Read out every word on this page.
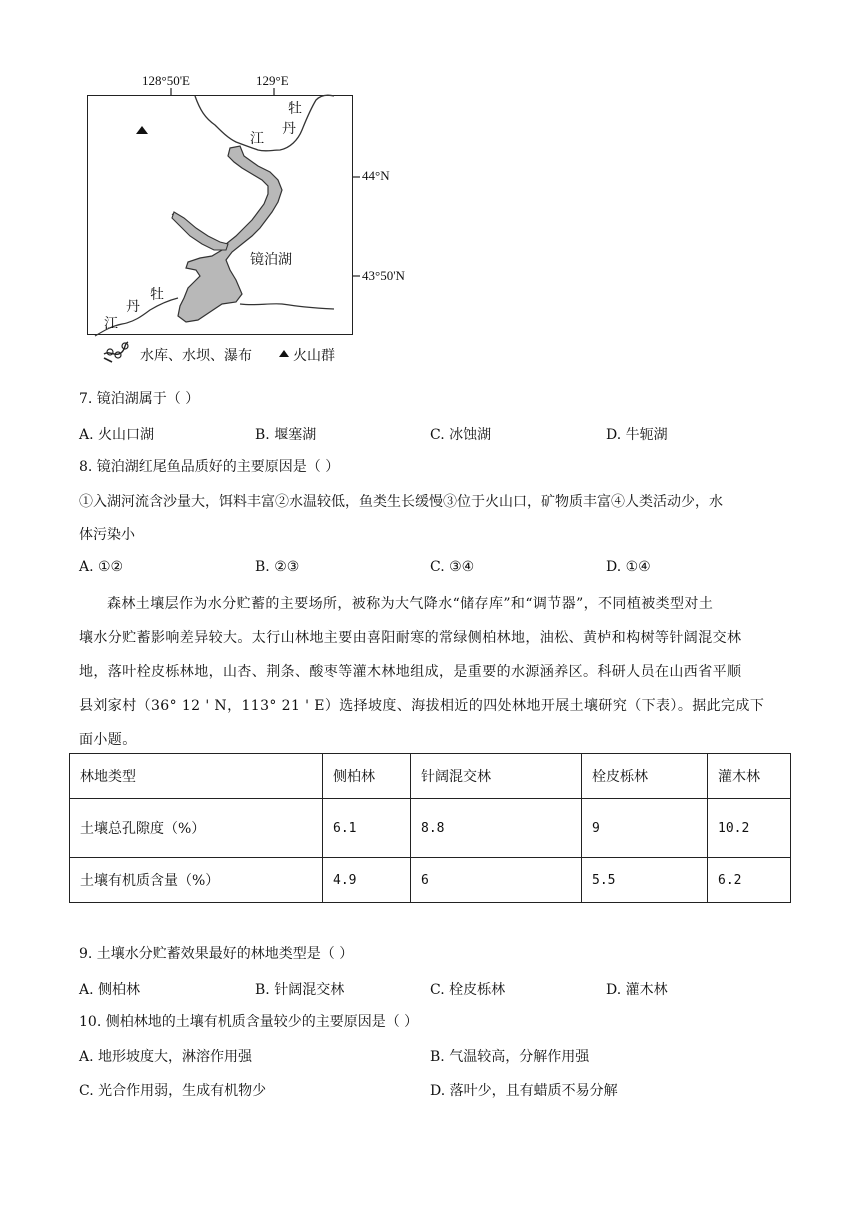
128°50'E	129°E
44°N
43°50'N
牡
丹
江
镜泊湖
牡
丹
江
水库、水坝、瀑布	火山群
7. 镜泊湖属于（ ）
A. 火山口湖	B. 堰塞湖	C. 冰蚀湖	D. 牛轭湖
8. 镜泊湖红尾鱼品质好的主要原因是（ ）
①入湖河流含沙量大，饵料丰富②水温较低，鱼类生长缓慢③位于火山口，矿物质丰富④人类活动少，水
体污染小
A. ①②	B. ②③	C. ③④	D. ①④
森林土壤层作为水分贮蓄的主要场所，被称为大气降水“储存库”和“调节器”，不同植被类型对土
壤水分贮蓄影响差异较大。太行山林地主要由喜阳耐寒的常绿侧柏林地，油松、黄栌和构树等针阔混交林
地，落叶栓皮栎林地，山杏、荆条、酸枣等灌木林地组成，是重要的水源涵养区。科研人员在山西省平顺
县刘家村（36° 12 ' N，113° 21 ' E）选择坡度、海拔相近的四处林地开展土壤研究（下表）。据此完成下
面小题。
林地类型	侧柏林	针阔混交林	栓皮栎林	灌木林
土壤总孔隙度（%）	6.1	8.8	9	10.2
土壤有机质含量（%）	4.9	6	5.5	6.2
9. 土壤水分贮蓄效果最好的林地类型是（ ）
A. 侧柏林	B. 针阔混交林	C. 栓皮栎林	D. 灌木林
10. 侧柏林地的土壤有机质含量较少的主要原因是（ ）
A. 地形坡度大，淋溶作用强	B. 气温较高，分解作用强
C. 光合作用弱，生成有机物少	D. 落叶少，且有蜡质不易分解
